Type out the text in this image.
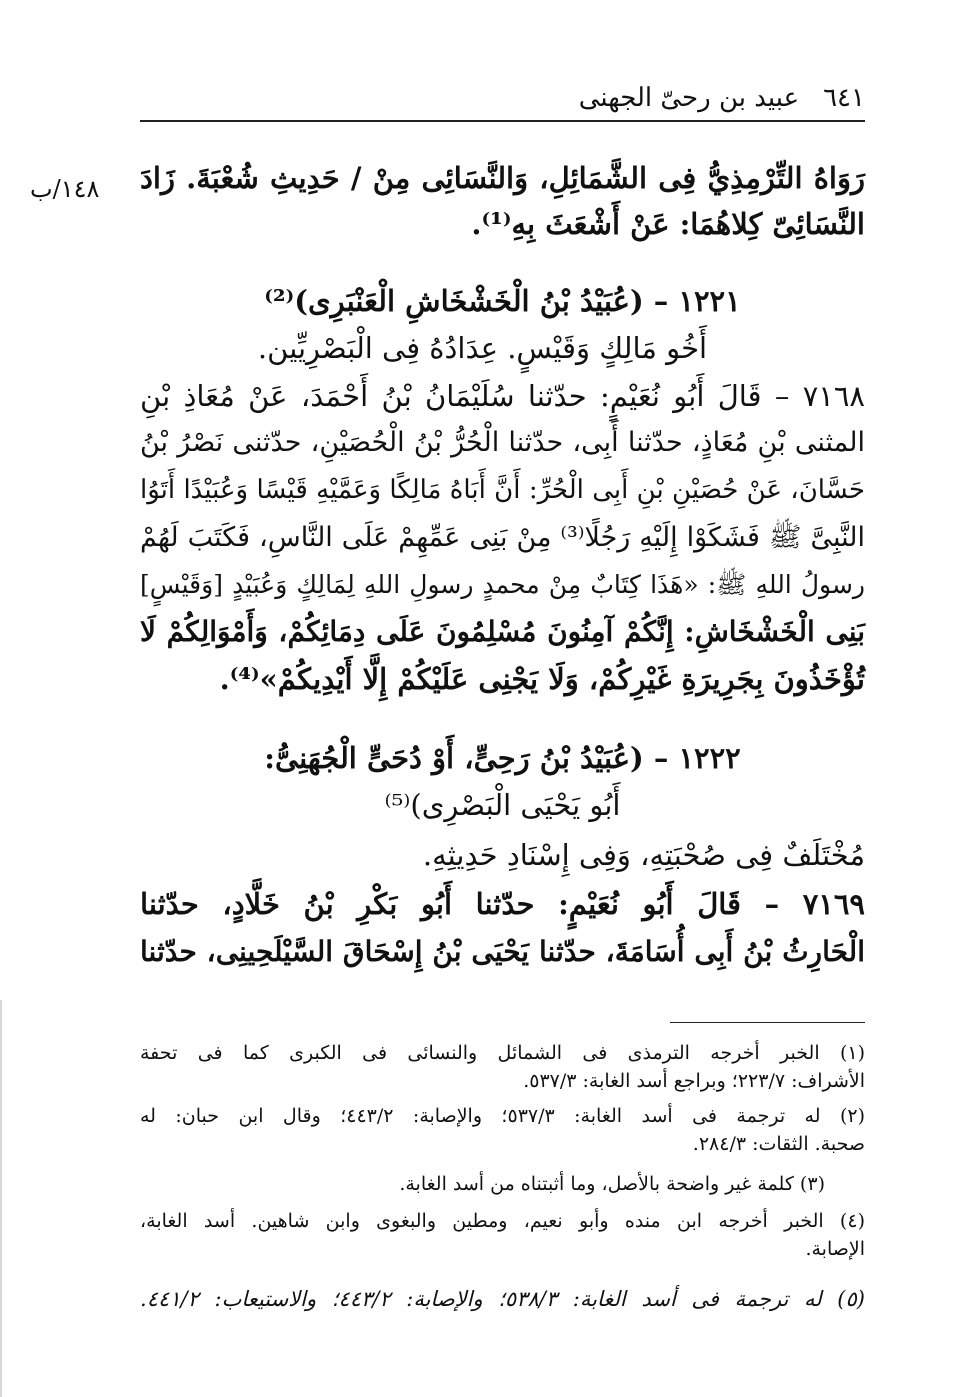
٦٤١
عبيد بن رحىّ الجهنى
١٤٨/ب رَوَاهُ التِّرْمِذِيُّ فِى الشَّمَائِلِ، وَالنَّسَائِى مِنْ / حَدِيثِ شُعْبَةَ. زَادَ
النَّسَائِىّ كِلاهُمَا: عَنْ أَشْعَثَ بِهِ⁽¹⁾.
١٢٢١ – (عُبَيْدُ بْنُ الْخَشْخَاشِ الْعَنْبَرِى)⁽²⁾
أَخُو مَالِكٍ وَقَيْسٍ. عِدَادُهُ فِى الْبَصْرِيِّين.
٧١٦٨ – قَالَ أَبُو نُعَيْمٍ: حدّثنا سُلَيْمَانُ بْنُ أَحْمَدَ، عَنْ مُعَاذِ بْنِ
المثنى بْنِ مُعَاذٍ، حدّثنا أَبِى، حدّثنا الْحُرُّ بْنُ الْحُصَيْنِ، حدّثنى نَصْرُ بْنُ
حَسَّانَ، عَنْ حُصَيْنِ بْنِ أَبِى الْحُرِّ: أَنَّ أَبَاهُ مَالِكًا وَعَمَّيْهِ قَيْسًا وَعُبَيْدًا أَتَوُا
النَّبِىَّ ﷺ فَشَكَوْا إِلَيْهِ رَجُلًا⁽³⁾ مِنْ بَنِى عَمِّهِمْ عَلَى النَّاسِ، فَكَتَبَ لَهُمْ
رسولُ اللهِ ﷺ: «هَذَا كِتَابٌ مِنْ محمدٍ رسولِ اللهِ لِمَالِكٍ وَعُبَيْدٍ [وَقَيْسٍ]
بَنِى الْخَشْخَاشِ: إِنَّكُمْ آمِنُونَ مُسْلِمُونَ عَلَى دِمَائِكُمْ، وَأَمْوَالِكُمْ لَا
تُؤْخَذُونَ بِجَرِيرَةِ غَيْرِكُمْ، وَلَا يَجْنِى عَلَيْكُمْ إِلَّا أَيْدِيكُمْ»⁽⁴⁾.
١٢٢٢ – (عُبَيْدُ بْنُ رَحِىٍّ، أَوْ دُحَىٍّ الْجُهَنِىُّ:
أَبُو يَحْيَى الْبَصْرِى)⁽⁵⁾
مُخْتَلَفٌ فِى صُحْبَتِهِ، وَفِى إِسْنَادِ حَدِيثِهِ.
٧١٦٩ – قَالَ أَبُو نُعَيْمٍ: حدّثنا أَبُو بَكْرِ بْنُ خَلَّادٍ، حدّثنا
الْحَارِثُ بْنُ أَبِى أُسَامَةَ، حدّثنا يَحْيَى بْنُ إِسْحَاقَ السَّيْلَحِينِى، حدّثنا
(١) الخبر أخرجه الترمذى فى الشمائل والنسائى فى الكبرى كما فى تحفة
الأشراف: ٢٢٣/٧؛ وبراجع أسد الغابة: ٥٣٧/٣.
(٢) له ترجمة فى أسد الغابة: ٥٣٧/٣؛ والإصابة: ٤٤٣/٢؛ وقال ابن حبان: له
صحبة. الثقات: ٢٨٤/٣.
(٣) كلمة غير واضحة بالأصل، وما أثبتناه من أسد الغابة.
(٤) الخبر أخرجه ابن منده وأبو نعيم، ومطين والبغوى وابن شاهين. أسد الغابة،
الإصابة.
(٥) له ترجمة فى أسد الغابة: ٥٣٨/٣؛ والإصابة: ٤٤٣/٢؛ والاستيعاب: ٤٤١/٢.
